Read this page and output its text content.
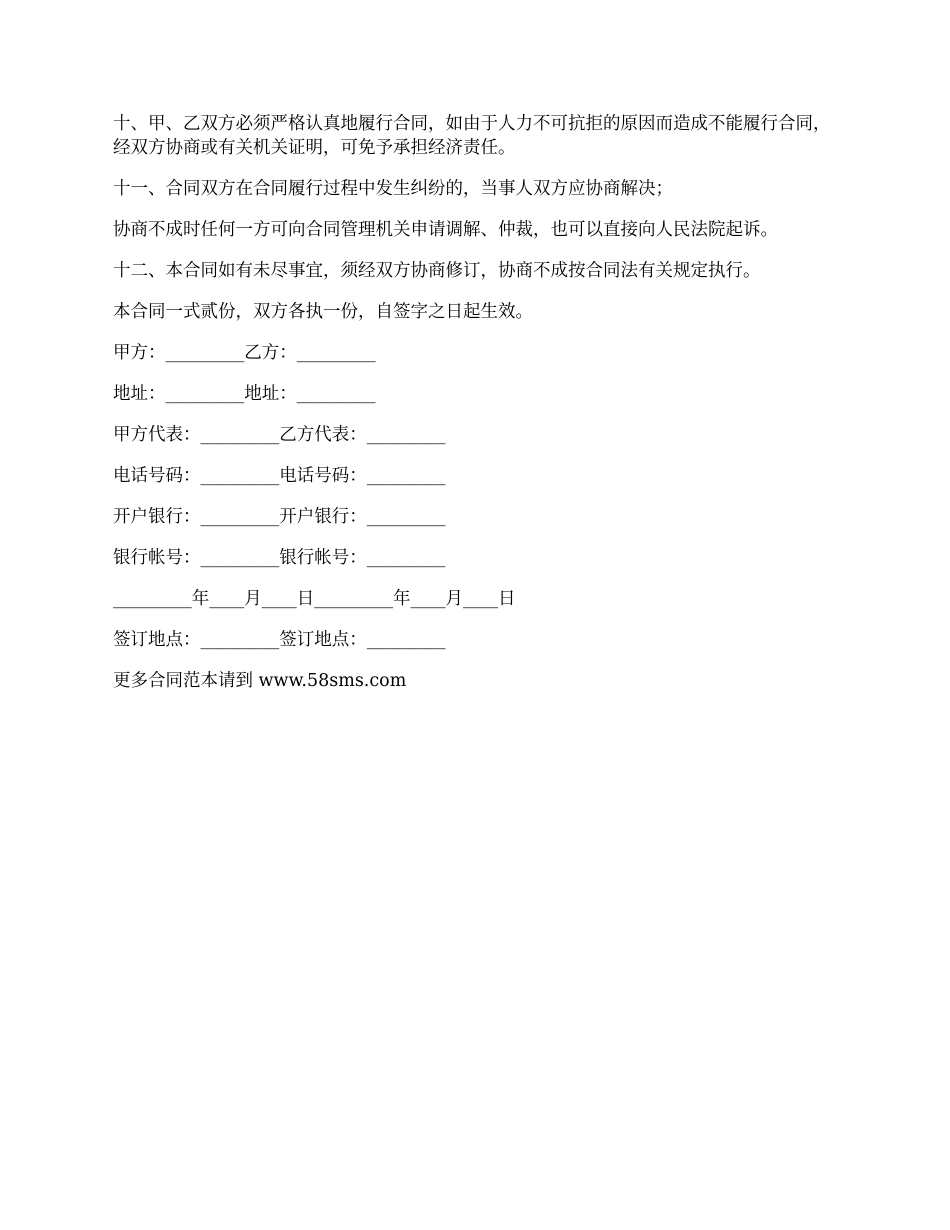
十、甲、乙双方必须严格认真地履行合同，如由于人力不可抗拒的原因而造成不能履行合同，经双方协商或有关机关证明，可免予承担经济责任。

十一、合同双方在合同履行过程中发生纠纷的，当事人双方应协商解决；

协商不成时任何一方可向合同管理机关申请调解、仲裁，也可以直接向人民法院起诉。

十二、本合同如有未尽事宜，须经双方协商修订，协商不成按合同法有关规定执行。

本合同一式贰份，双方各执一份，自签字之日起生效。

甲方：_________乙方：_________
地址：_________地址：_________
甲方代表：_________乙方代表：_________
电话号码：_________电话号码：_________
开户银行：_________开户银行：_________
银行帐号：_________银行帐号：_________
_________年____月____日_________年____月____日
签订地点：_________签订地点：_________
更多合同范本请到 www.58sms.com
